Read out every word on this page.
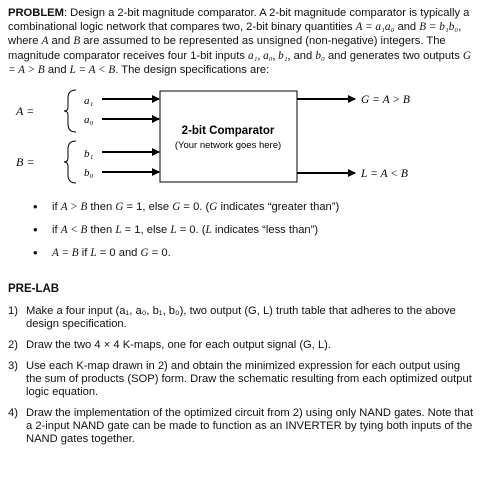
PROBLEM: Design a 2-bit magnitude comparator. A 2-bit magnitude comparator is typically a combinational logic network that compares two, 2-bit binary quantities A = a₁a₀ and B = b₁b₀, where A and B are assumed to be represented as unsigned (non-negative) integers. The magnitude comparator receives four 1-bit inputs a₁, a₀, b₁, and b₀ and generates two outputs G = A > B and L = A < B. The design specifications are:
A =
a₁
a₀
B =
b₁
b₀
2-bit Comparator
(Your network goes here)
G = A > B
L = A < B
• if A > B then G = 1, else G = 0. (G indicates “greater than”)
• if A < B then L = 1, else L = 0. (L indicates “less than”)
• A = B if L = 0 and G = 0.
PRE-LAB
1) Make a four input (a₁, a₀, b₁, b₀), two output (G, L) truth table that adheres to the above design specification.
2) Draw the two 4 × 4 K-maps, one for each output signal (G, L).
3) Use each K-map drawn in 2) and obtain the minimized expression for each output using the sum of products (SOP) form. Draw the schematic resulting from each optimized output logic equation.
4) Draw the implementation of the optimized circuit from 2) using only NAND gates. Note that a 2-input NAND gate can be made to function as an INVERTER by tying both inputs of the NAND gates together.
